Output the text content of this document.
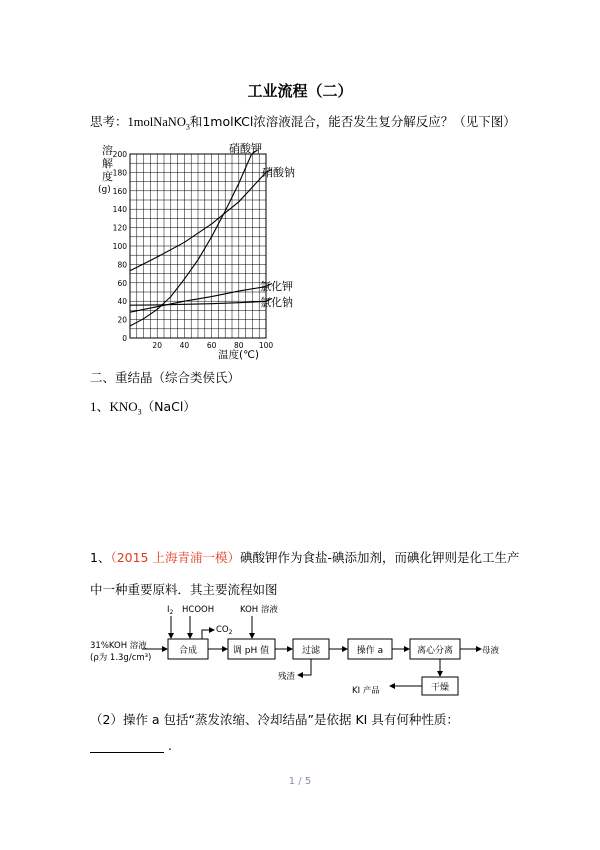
工业流程（二）
思考：1molNaNO$_3$和1molKCl浓溶液混合，能否发生复分解反应？（见下图）
0
20
40
60
80
100
120
140
160
180
200
20 40 60 80 100
溶
解
度
(g)
温度(℃)
硝酸钾
硝酸钠
氯化钾
氯化钠
二、重结晶（综合类侯氏）
1、$KNO_3(NaCl)$
1、（2015 上海青浦一模）碘酸钾作为食盐-碘添加剂，而碘化钾则是化工生产
中一种重要原料．其主要流程如图
31%KOH 溶液
(ρ为 1.3g/cm³)
$I_2$ HCOOH	KOH 溶液
$CO_2$
母液
残渣
KI 产品
合成	调 pH 值	过滤	操作 a	离心分离
干燥
（2）操作 a 包括“蒸发浓缩、冷却结晶”是依据 KI 具有何种性质：
.
1 / 5
